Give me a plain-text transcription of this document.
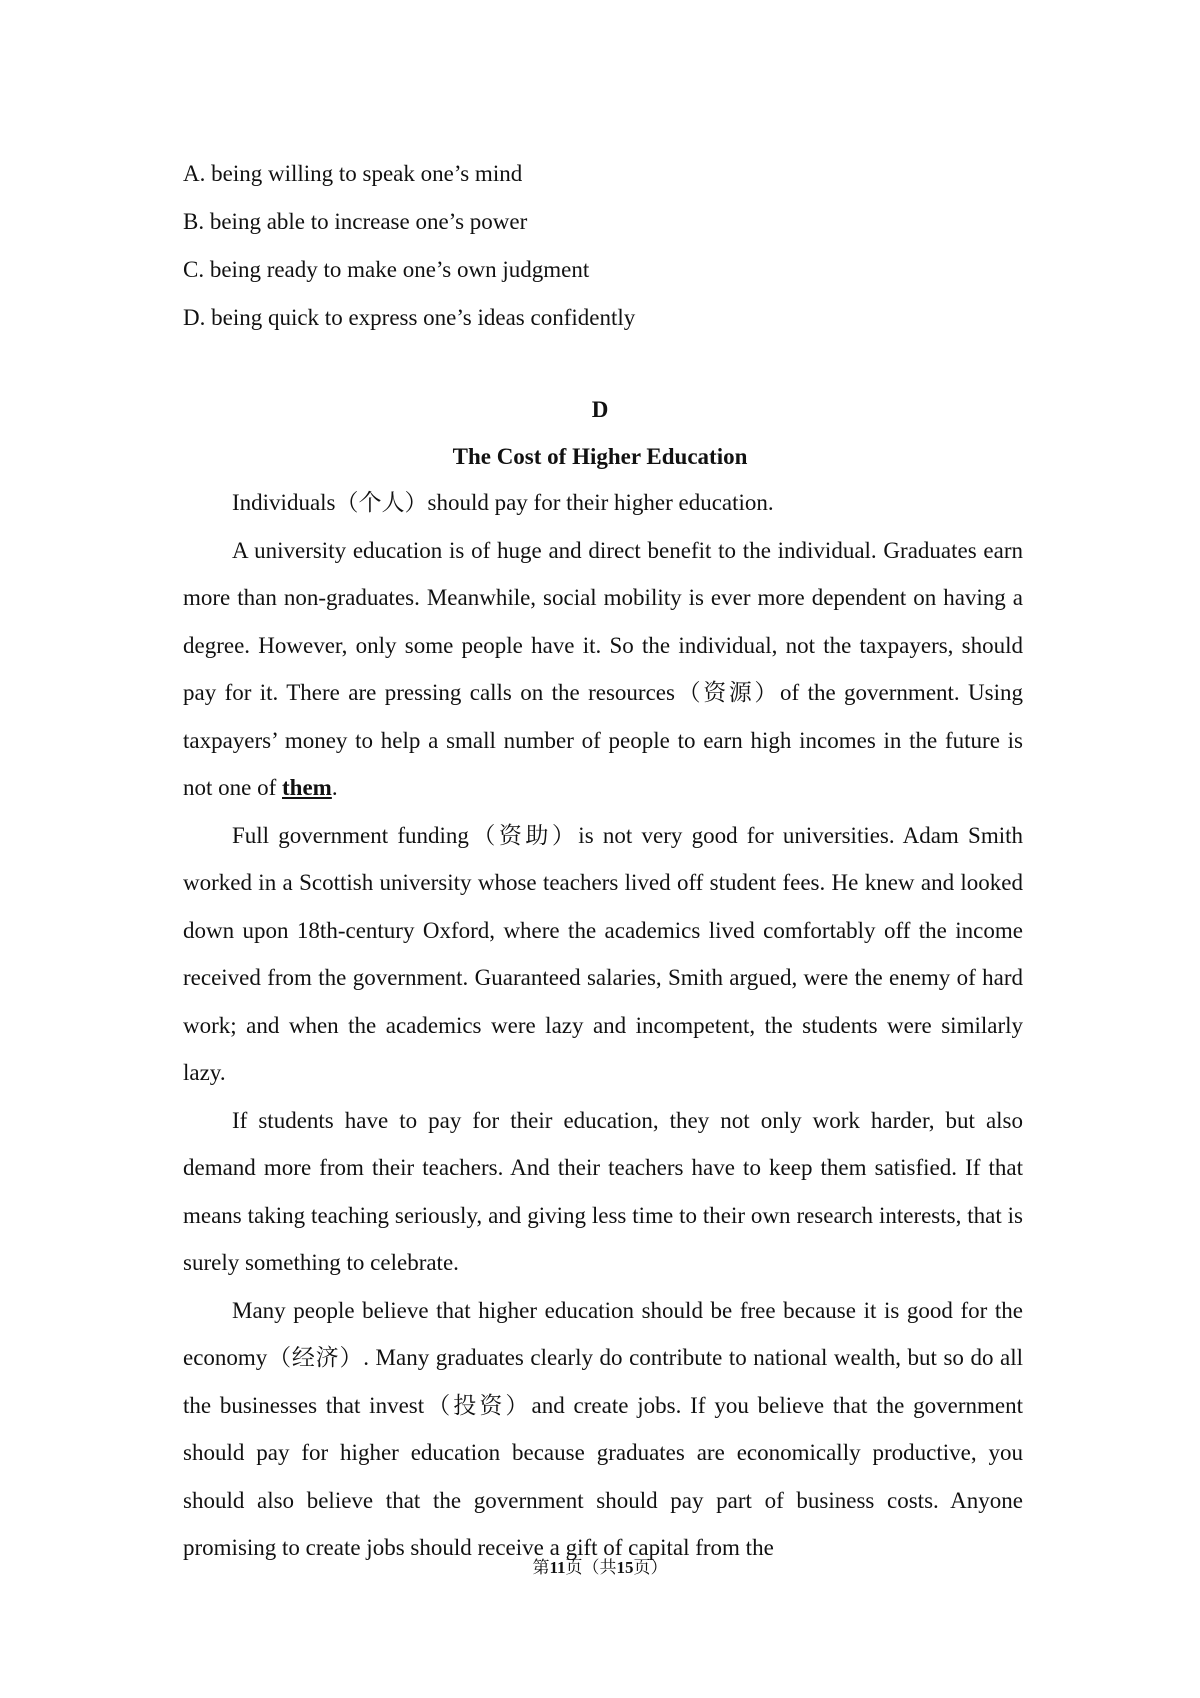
A. being willing to speak one’s mind
B. being able to increase one’s power
C. being ready to make one’s own judgment
D. being quick to express one’s ideas confidently
D
The Cost of Higher Education

Individuals（个人）should pay for their higher education.

A university education is of huge and direct benefit to the individual. Graduates earn more than non-graduates. Meanwhile, social mobility is ever more dependent on having a degree. However, only some people have it. So the individual, not the taxpayers, should pay for it. There are pressing calls on the resources（资源）of the government. Using taxpayers’ money to help a small number of people to earn high incomes in the future is not one of them.

Full government funding（资助）is not very good for universities. Adam Smith worked in a Scottish university whose teachers lived off student fees. He knew and looked down upon 18th-century Oxford, where the academics lived comfortably off the income received from the government. Guaranteed salaries, Smith argued, were the enemy of hard work; and when the academics were lazy and incompetent, the students were similarly lazy.

If students have to pay for their education, they not only work harder, but also demand more from their teachers. And their teachers have to keep them satisfied. If that means taking teaching seriously, and giving less time to their own research interests, that is surely something to celebrate.

Many people believe that higher education should be free because it is good for the economy（经济）. Many graduates clearly do contribute to national wealth, but so do all the businesses that invest（投资）and create jobs. If you believe that the government should pay for higher education because graduates are economically productive, you should also believe that the government should pay part of business costs. Anyone promising to create jobs should receive a gift of capital from the

第11页（共15页）
